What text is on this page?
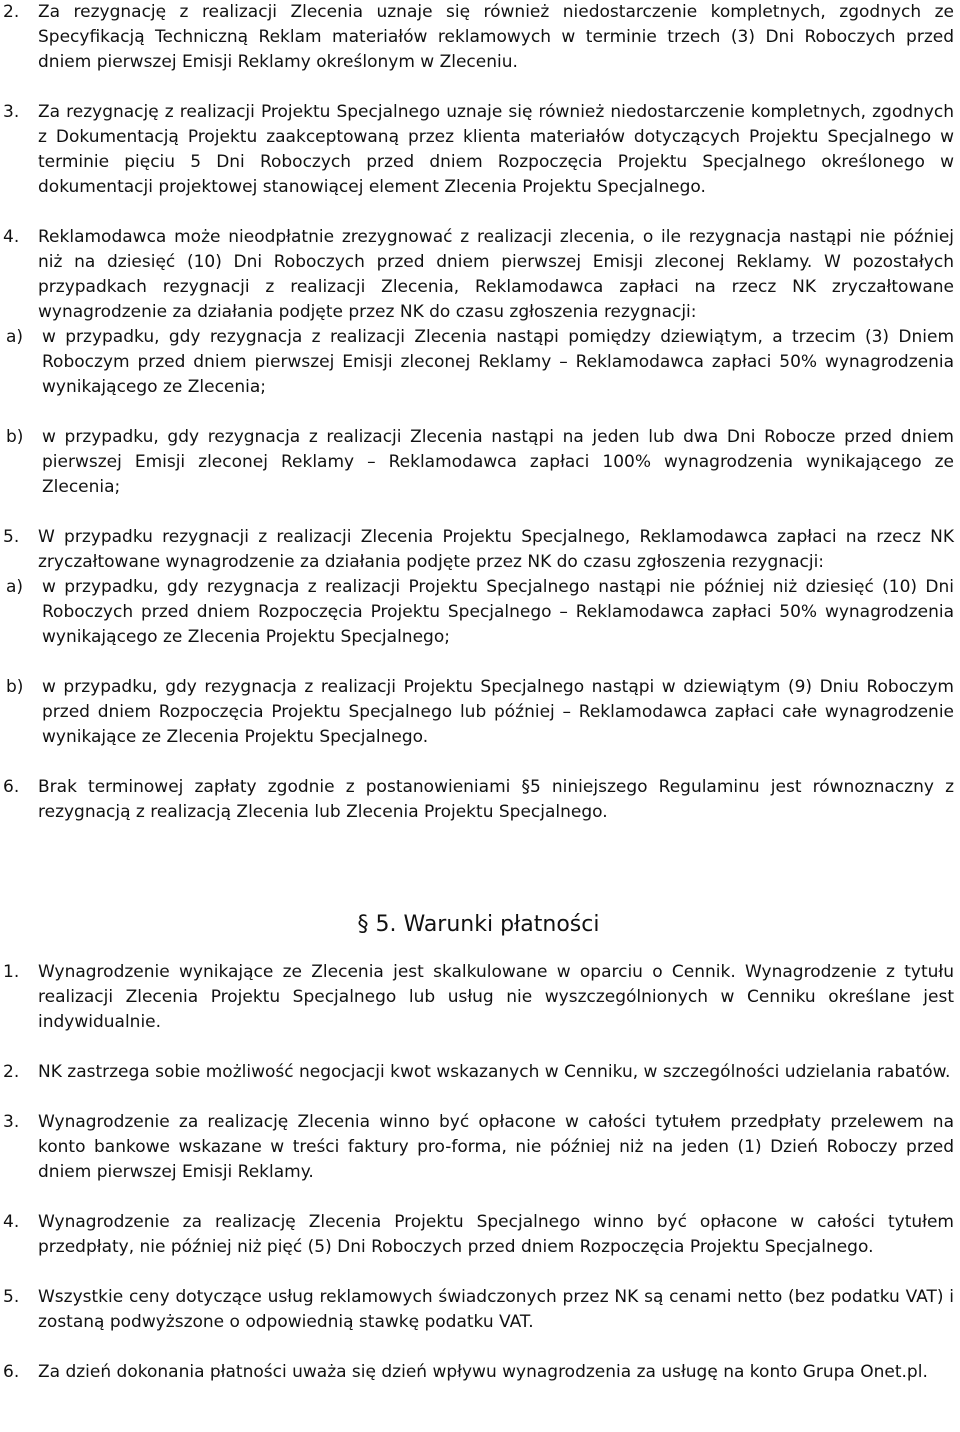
2. Za rezygnację z realizacji Zlecenia uznaje się również niedostarczenie kompletnych, zgodnych ze Specyfikacją Techniczną Reklam materiałów reklamowych w terminie trzech (3) Dni Roboczych przed dniem pierwszej Emisji Reklamy określonym w Zleceniu.
3. Za rezygnację z realizacji Projektu Specjalnego uznaje się również niedostarczenie kompletnych, zgodnych z Dokumentacją Projektu zaakceptowaną przez klienta materiałów dotyczących Projektu Specjalnego w terminie pięciu 5 Dni Roboczych przed dniem Rozpoczęcia Projektu Specjalnego określonego w dokumentacji projektowej stanowiącej element Zlecenia Projektu Specjalnego.
4. Reklamodawca może nieodpłatnie zrezygnować z realizacji zlecenia, o ile rezygnacja nastąpi nie później niż na dziesięć (10) Dni Roboczych przed dniem pierwszej Emisji zleconej Reklamy. W pozostałych przypadkach rezygnacji z realizacji Zlecenia, Reklamodawca zapłaci na rzecz NK zryczałtowane wynagrodzenie za działania podjęte przez NK do czasu zgłoszenia rezygnacji:
a) w przypadku, gdy rezygnacja z realizacji Zlecenia nastąpi pomiędzy dziewiątym, a trzecim (3) Dniem Roboczym przed dniem pierwszej Emisji zleconej Reklamy – Reklamodawca zapłaci 50% wynagrodzenia wynikającego ze Zlecenia;
b) w przypadku, gdy rezygnacja z realizacji Zlecenia nastąpi na jeden lub dwa Dni Robocze przed dniem pierwszej Emisji zleconej Reklamy – Reklamodawca zapłaci 100% wynagrodzenia wynikającego ze Zlecenia;
5. W przypadku rezygnacji z realizacji Zlecenia Projektu Specjalnego, Reklamodawca zapłaci na rzecz NK zryczałtowane wynagrodzenie za działania podjęte przez NK do czasu zgłoszenia rezygnacji:
a) w przypadku, gdy rezygnacja z realizacji Projektu Specjalnego nastąpi nie później niż dziesięć (10) Dni Roboczych przed dniem Rozpoczęcia Projektu Specjalnego – Reklamodawca zapłaci 50% wynagrodzenia wynikającego ze Zlecenia Projektu Specjalnego;
b) w przypadku, gdy rezygnacja z realizacji Projektu Specjalnego nastąpi w dziewiątym (9) Dniu Roboczym przed dniem Rozpoczęcia Projektu Specjalnego lub później – Reklamodawca zapłaci całe wynagrodzenie wynikające ze Zlecenia Projektu Specjalnego.
6. Brak terminowej zapłaty zgodnie z postanowieniami §5 niniejszego Regulaminu jest równoznaczny z rezygnacją z realizacją Zlecenia lub Zlecenia Projektu Specjalnego.
§ 5. Warunki płatności
1. Wynagrodzenie wynikające ze Zlecenia jest skalkulowane w oparciu o Cennik. Wynagrodzenie z tytułu realizacji Zlecenia Projektu Specjalnego lub usług nie wyszczególnionych w Cenniku określane jest indywidualnie.
2. NK zastrzega sobie możliwość negocjacji kwot wskazanych w Cenniku, w szczególności udzielania rabatów.
3. Wynagrodzenie za realizację Zlecenia winno być opłacone w całości tytułem przedpłaty przelewem na konto bankowe wskazane w treści faktury pro-forma, nie później niż na jeden (1) Dzień Roboczy przed dniem pierwszej Emisji Reklamy.
4. Wynagrodzenie za realizację Zlecenia Projektu Specjalnego winno być opłacone w całości tytułem przedpłaty, nie później niż pięć (5) Dni Roboczych przed dniem Rozpoczęcia Projektu Specjalnego.
5. Wszystkie ceny dotyczące usług reklamowych świadczonych przez NK są cenami netto (bez podatku VAT) i zostaną podwyższone o odpowiednią stawkę podatku VAT.
6. Za dzień dokonania płatności uważa się dzień wpływu wynagrodzenia za usługę na konto Grupa Onet.pl.
